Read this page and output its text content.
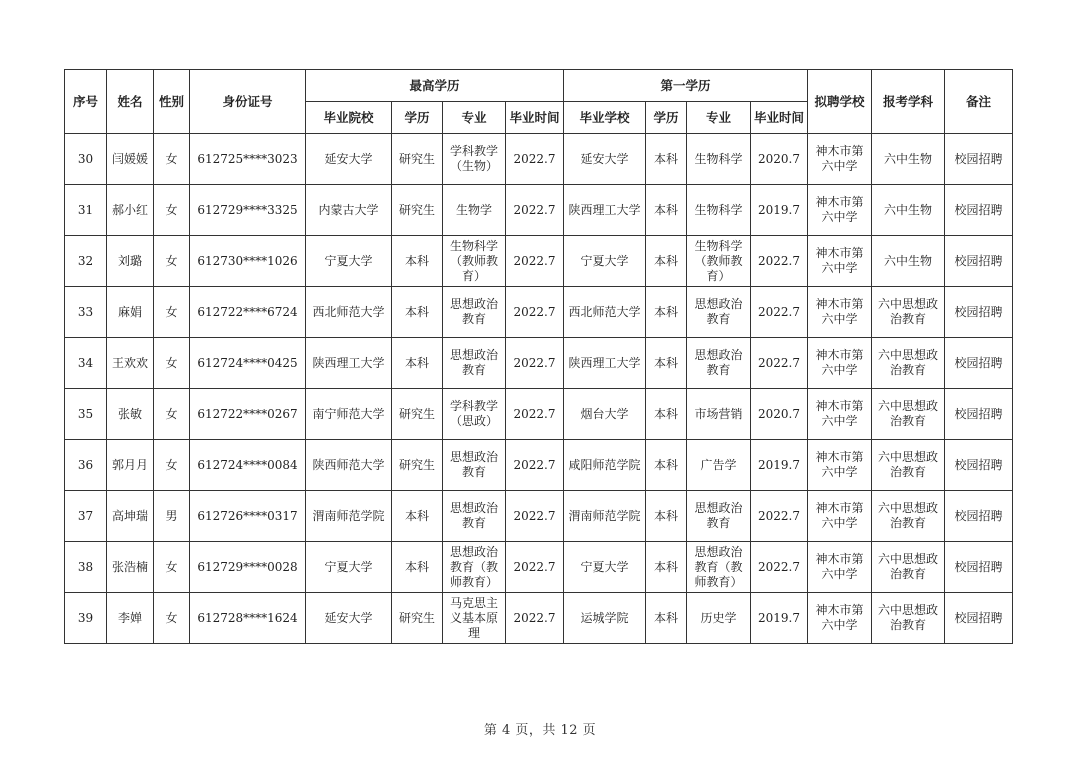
序号	姓名	性别	身份证号	最高学历				第一学历				拟聘学校	报考学科	备注
				毕业院校	学历	专业	毕业时间	毕业学校	学历	专业	毕业时间			
30	闫媛媛	女	612725****3023	延安大学	研究生	学科教学（生物）	2022.7	延安大学	本科	生物科学	2020.7	神木市第六中学	六中生物	校园招聘
31	郝小红	女	612729****3325	内蒙古大学	研究生	生物学	2022.7	陕西理工大学	本科	生物科学	2019.7	神木市第六中学	六中生物	校园招聘
32	刘璐	女	612730****1026	宁夏大学	本科	生物科学（教师教育）	2022.7	宁夏大学	本科	生物科学（教师教育）	2022.7	神木市第六中学	六中生物	校园招聘
33	麻娟	女	612722****6724	西北师范大学	本科	思想政治教育	2022.7	西北师范大学	本科	思想政治教育	2022.7	神木市第六中学	六中思想政治教育	校园招聘
34	王欢欢	女	612724****0425	陕西理工大学	本科	思想政治教育	2022.7	陕西理工大学	本科	思想政治教育	2022.7	神木市第六中学	六中思想政治教育	校园招聘
35	张敏	女	612722****0267	南宁师范大学	研究生	学科教学（思政）	2022.7	烟台大学	本科	市场营销	2020.7	神木市第六中学	六中思想政治教育	校园招聘
36	郭月月	女	612724****0084	陕西师范大学	研究生	思想政治教育	2022.7	咸阳师范学院	本科	广告学	2019.7	神木市第六中学	六中思想政治教育	校园招聘
37	高坤瑞	男	612726****0317	渭南师范学院	本科	思想政治教育	2022.7	渭南师范学院	本科	思想政治教育	2022.7	神木市第六中学	六中思想政治教育	校园招聘
38	张浩楠	女	612729****0028	宁夏大学	本科	思想政治教育（教师教育）	2022.7	宁夏大学	本科	思想政治教育（教师教育）	2022.7	神木市第六中学	六中思想政治教育	校园招聘
39	李婵	女	612728****1624	延安大学	研究生	马克思主义基本原理	2022.7	运城学院	本科	历史学	2019.7	神木市第六中学	六中思想政治教育	校园招聘
第 4 页，共 12 页
